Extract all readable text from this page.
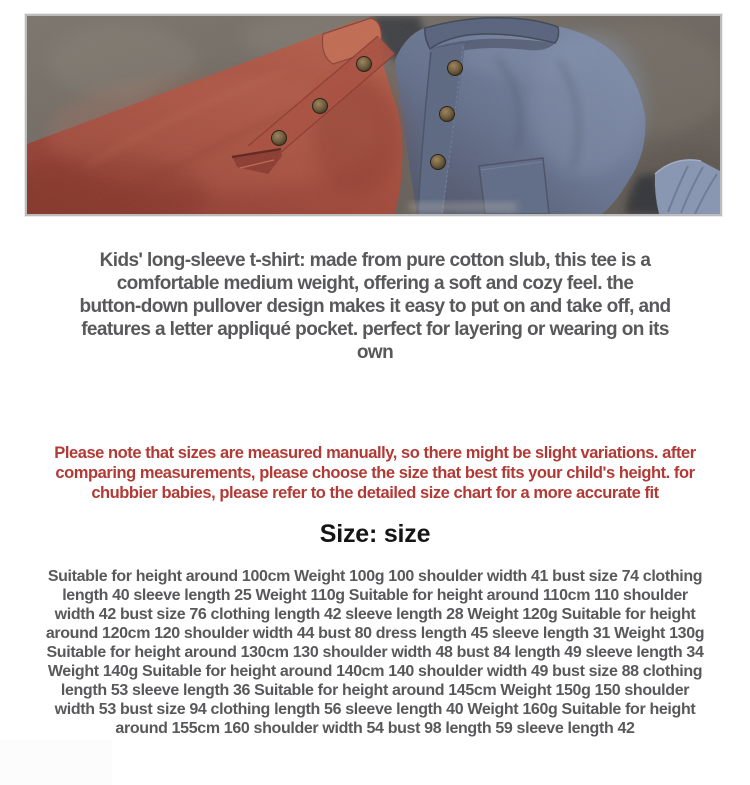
Kids' long-sleeve t-shirt: made from pure cotton slub, this tee is a
comfortable medium weight, offering a soft and cozy feel. the
button-down pullover design makes it easy to put on and take off, and
features a letter appliqué pocket. perfect for layering or wearing on its
own
Please note that sizes are measured manually, so there might be slight variations. after
comparing measurements, please choose the size that best fits your child's height. for
chubbier babies, please refer to the detailed size chart for a more accurate fit
Size: size
Suitable for height around 100cm Weight 100g 100 shoulder width 41 bust size 74 clothing
length 40 sleeve length 25 Weight 110g Suitable for height around 110cm 110 shoulder
width 42 bust size 76 clothing length 42 sleeve length 28 Weight 120g Suitable for height
around 120cm 120 shoulder width 44 bust 80 dress length 45 sleeve length 31 Weight 130g
Suitable for height around 130cm 130 shoulder width 48 bust 84 length 49 sleeve length 34
Weight 140g Suitable for height around 140cm 140 shoulder width 49 bust size 88 clothing
length 53 sleeve length 36 Suitable for height around 145cm Weight 150g 150 shoulder
width 53 bust size 94 clothing length 56 sleeve length 40 Weight 160g Suitable for height
around 155cm 160 shoulder width 54 bust 98 length 59 sleeve length 42
